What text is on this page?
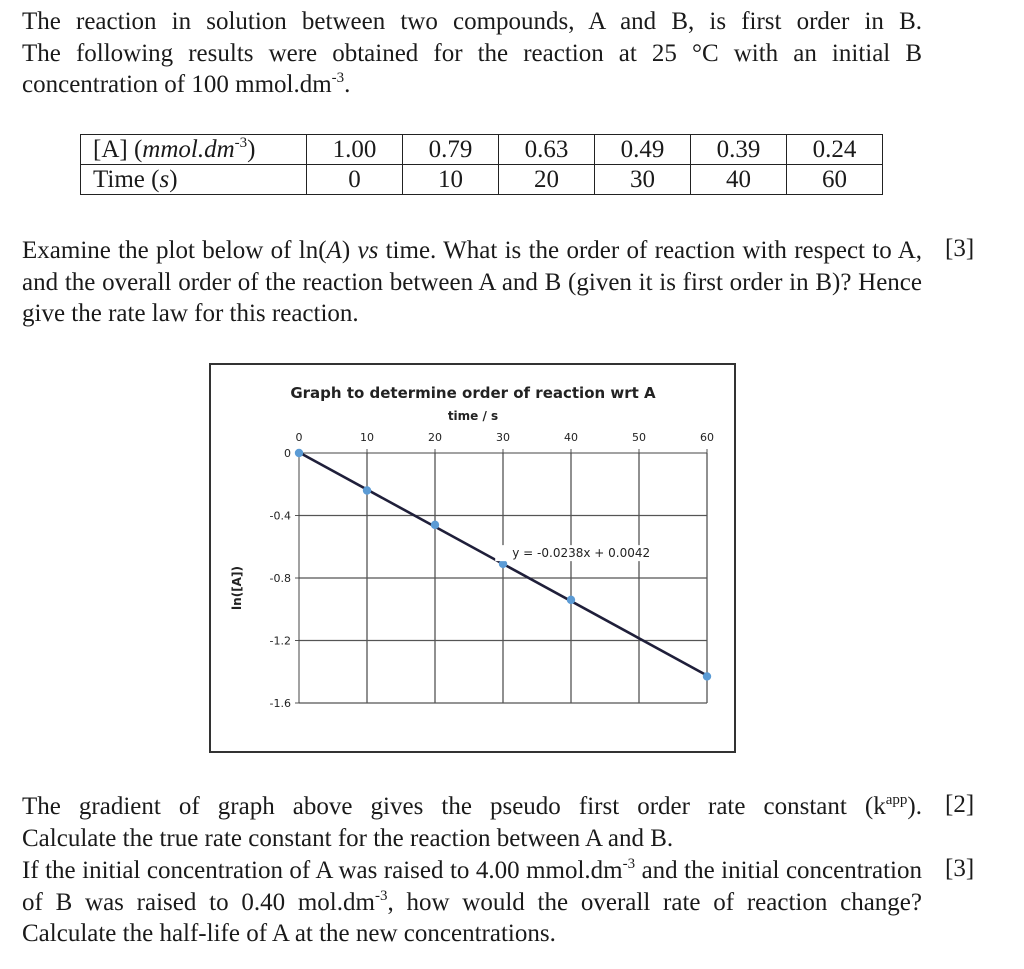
The reaction in solution between two compounds, A and B, is first order in B.

The following results were obtained for the reaction at 25 °C with an initial B

concentration of 100 $mmol.dm^{-3}$.

[A] $(mmol.dm^{-3})$	1.00	0.79	0.63	0.49	0.39	0.24
Time (s)	0	10	20	30	40	60

Examine the plot below of ln(A) vs time. What is the order of reaction with respect to A, and the overall order of the reaction between A and B (given it is first order in B)? Hence give the rate law for this reaction.

[3]
Graph to determine order of reaction wrt A
time / s
ln([A])
0	10	20	30	40	50	60
0
-0.4
-0.8
-1.2
-1.6
y = -0.0238x + 0.0042

The gradient of graph above gives the pseudo first order rate constant $(k^{app})$.

Calculate the true rate constant for the reaction between A and B.

[2]

If the initial concentration of A was raised to 4.00 $mmol.dm^{-3}$ and the initial concentration of B was raised to 0.40 $mol.dm^{-3}$, how would the overall rate of reaction change? Calculate the half-life of A at the new concentrations.

[3]
